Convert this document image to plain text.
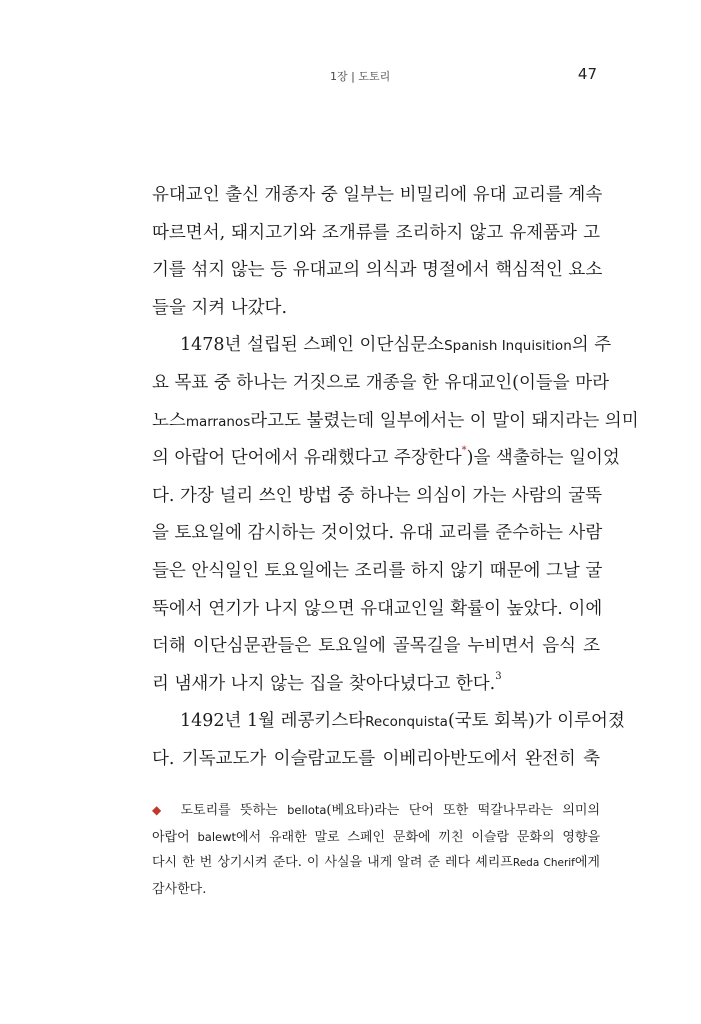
1장 | 도토리	47
유대교인 출신 개종자 중 일부는 비밀리에 유대 교리를 계속
따르면서, 돼지고기와 조개류를 조리하지 않고 유제품과 고
기를 섞지 않는 등 유대교의 의식과 명절에서 핵심적인 요소
들을 지켜 나갔다.
1478년 설립된 스페인 이단심문소Spanish Inquisition의 주
요 목표 중 하나는 거짓으로 개종을 한 유대교인(이들을 마라
노스marranos라고도 불렸는데 일부에서는 이 말이 돼지라는 의미
의 아랍어 단어에서 유래했다고 주장한다*)을 색출하는 일이었
다. 가장 널리 쓰인 방법 중 하나는 의심이 가는 사람의 굴뚝
을 토요일에 감시하는 것이었다. 유대 교리를 준수하는 사람
들은 안식일인 토요일에는 조리를 하지 않기 때문에 그날 굴
뚝에서 연기가 나지 않으면 유대교인일 확률이 높았다. 이에
더해 이단심문관들은 토요일에 골목길을 누비면서 음식 조
리 냄새가 나지 않는 집을 찾아다녔다고 한다.$^3$
1492년 1월 레콩키스타Reconquista(국토 회복)가 이루어졌
다. 기독교도가 이슬람교도를 이베리아반도에서 완전히 축
◆ 도토리를 뜻하는 bellota(베요타)라는 단어 또한 떡갈나무라는 의미의
아랍어 balewt에서 유래한 말로 스페인 문화에 끼친 이슬람 문화의 영향을
다시 한 번 상기시켜 준다. 이 사실을 내게 알려 준 레다 셰리프Reda Cherif에게
감사한다.
